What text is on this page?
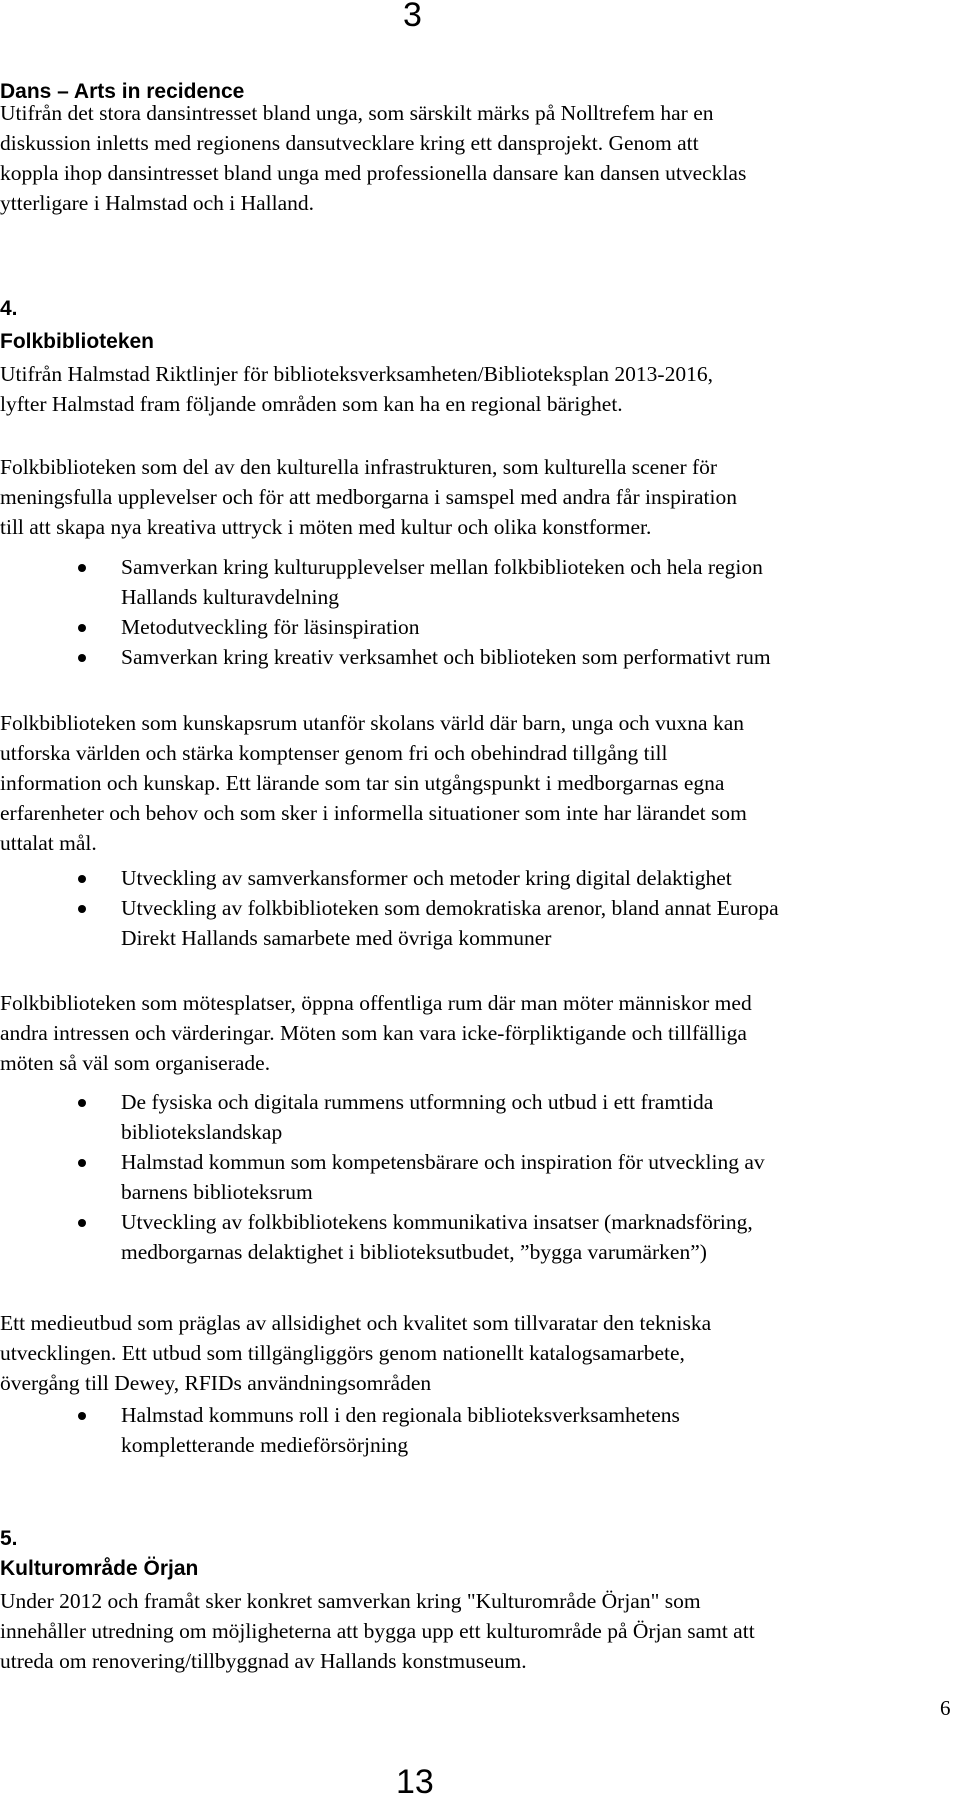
3
Dans – Arts in recidence

Utifrån det stora dansintresset bland unga, som särskilt märks på Nolltrefem har en

diskussion inletts med regionens dansutvecklare kring ett dansprojekt. Genom att

koppla ihop dansintresset bland unga med professionella dansare kan dansen utvecklas

ytterligare i Halmstad och i Halland.

4.
Folkbiblioteken

Utifrån Halmstad Riktlinjer för biblioteksverksamheten/Biblioteksplan 2013-2016,

lyfter Halmstad fram följande områden som kan ha en regional bärighet.

Folkbiblioteken som del av den kulturella infrastrukturen, som kulturella scener för

meningsfulla upplevelser och för att medborgarna i samspel med andra får inspiration

till att skapa nya kreativa uttryck i möten med kultur och olika konstformer.

Samverkan kring kulturupplevelser mellan folkbiblioteken och hela region
Hallands kulturavdelning
Metodutveckling för läsinspiration
Samverkan kring kreativ verksamhet och biblioteken som performativt rum

Folkbiblioteken som kunskapsrum utanför skolans värld där barn, unga och vuxna kan

utforska världen och stärka komptenser genom fri och obehindrad tillgång till

information och kunskap. Ett lärande som tar sin utgångspunkt i medborgarnas egna

erfarenheter och behov och som sker i informella situationer som inte har lärandet som

uttalat mål.

Utveckling av samverkansformer och metoder kring digital delaktighet
Utveckling av folkbiblioteken som demokratiska arenor, bland annat Europa
Direkt Hallands samarbete med övriga kommuner

Folkbiblioteken som mötesplatser, öppna offentliga rum där man möter människor med

andra intressen och värderingar. Möten som kan vara icke-förpliktigande och tillfälliga

möten så väl som organiserade.

De fysiska och digitala rummens utformning och utbud i ett framtida
bibliotekslandskap
Halmstad kommun som kompetensbärare och inspiration för utveckling av
barnens biblioteksrum
Utveckling av folkbibliotekens kommunikativa insatser (marknadsföring,
medborgarnas delaktighet i biblioteksutbudet, ”bygga varumärken”)

Ett medieutbud som präglas av allsidighet och kvalitet som tillvaratar den tekniska

utvecklingen. Ett utbud som tillgängliggörs genom nationellt katalogsamarbete,

övergång till Dewey, RFIDs användningsområden

Halmstad kommuns roll i den regionala biblioteksverksamhetens
kompletterande medieförsörjning
5.
Kulturområde Örjan

Under 2012 och framåt sker konkret samverkan kring "Kulturområde Örjan" som

innehåller utredning om möjligheterna att bygga upp ett kulturområde på Örjan samt att

utreda om renovering/tillbyggnad av Hallands konstmuseum.

6
13
